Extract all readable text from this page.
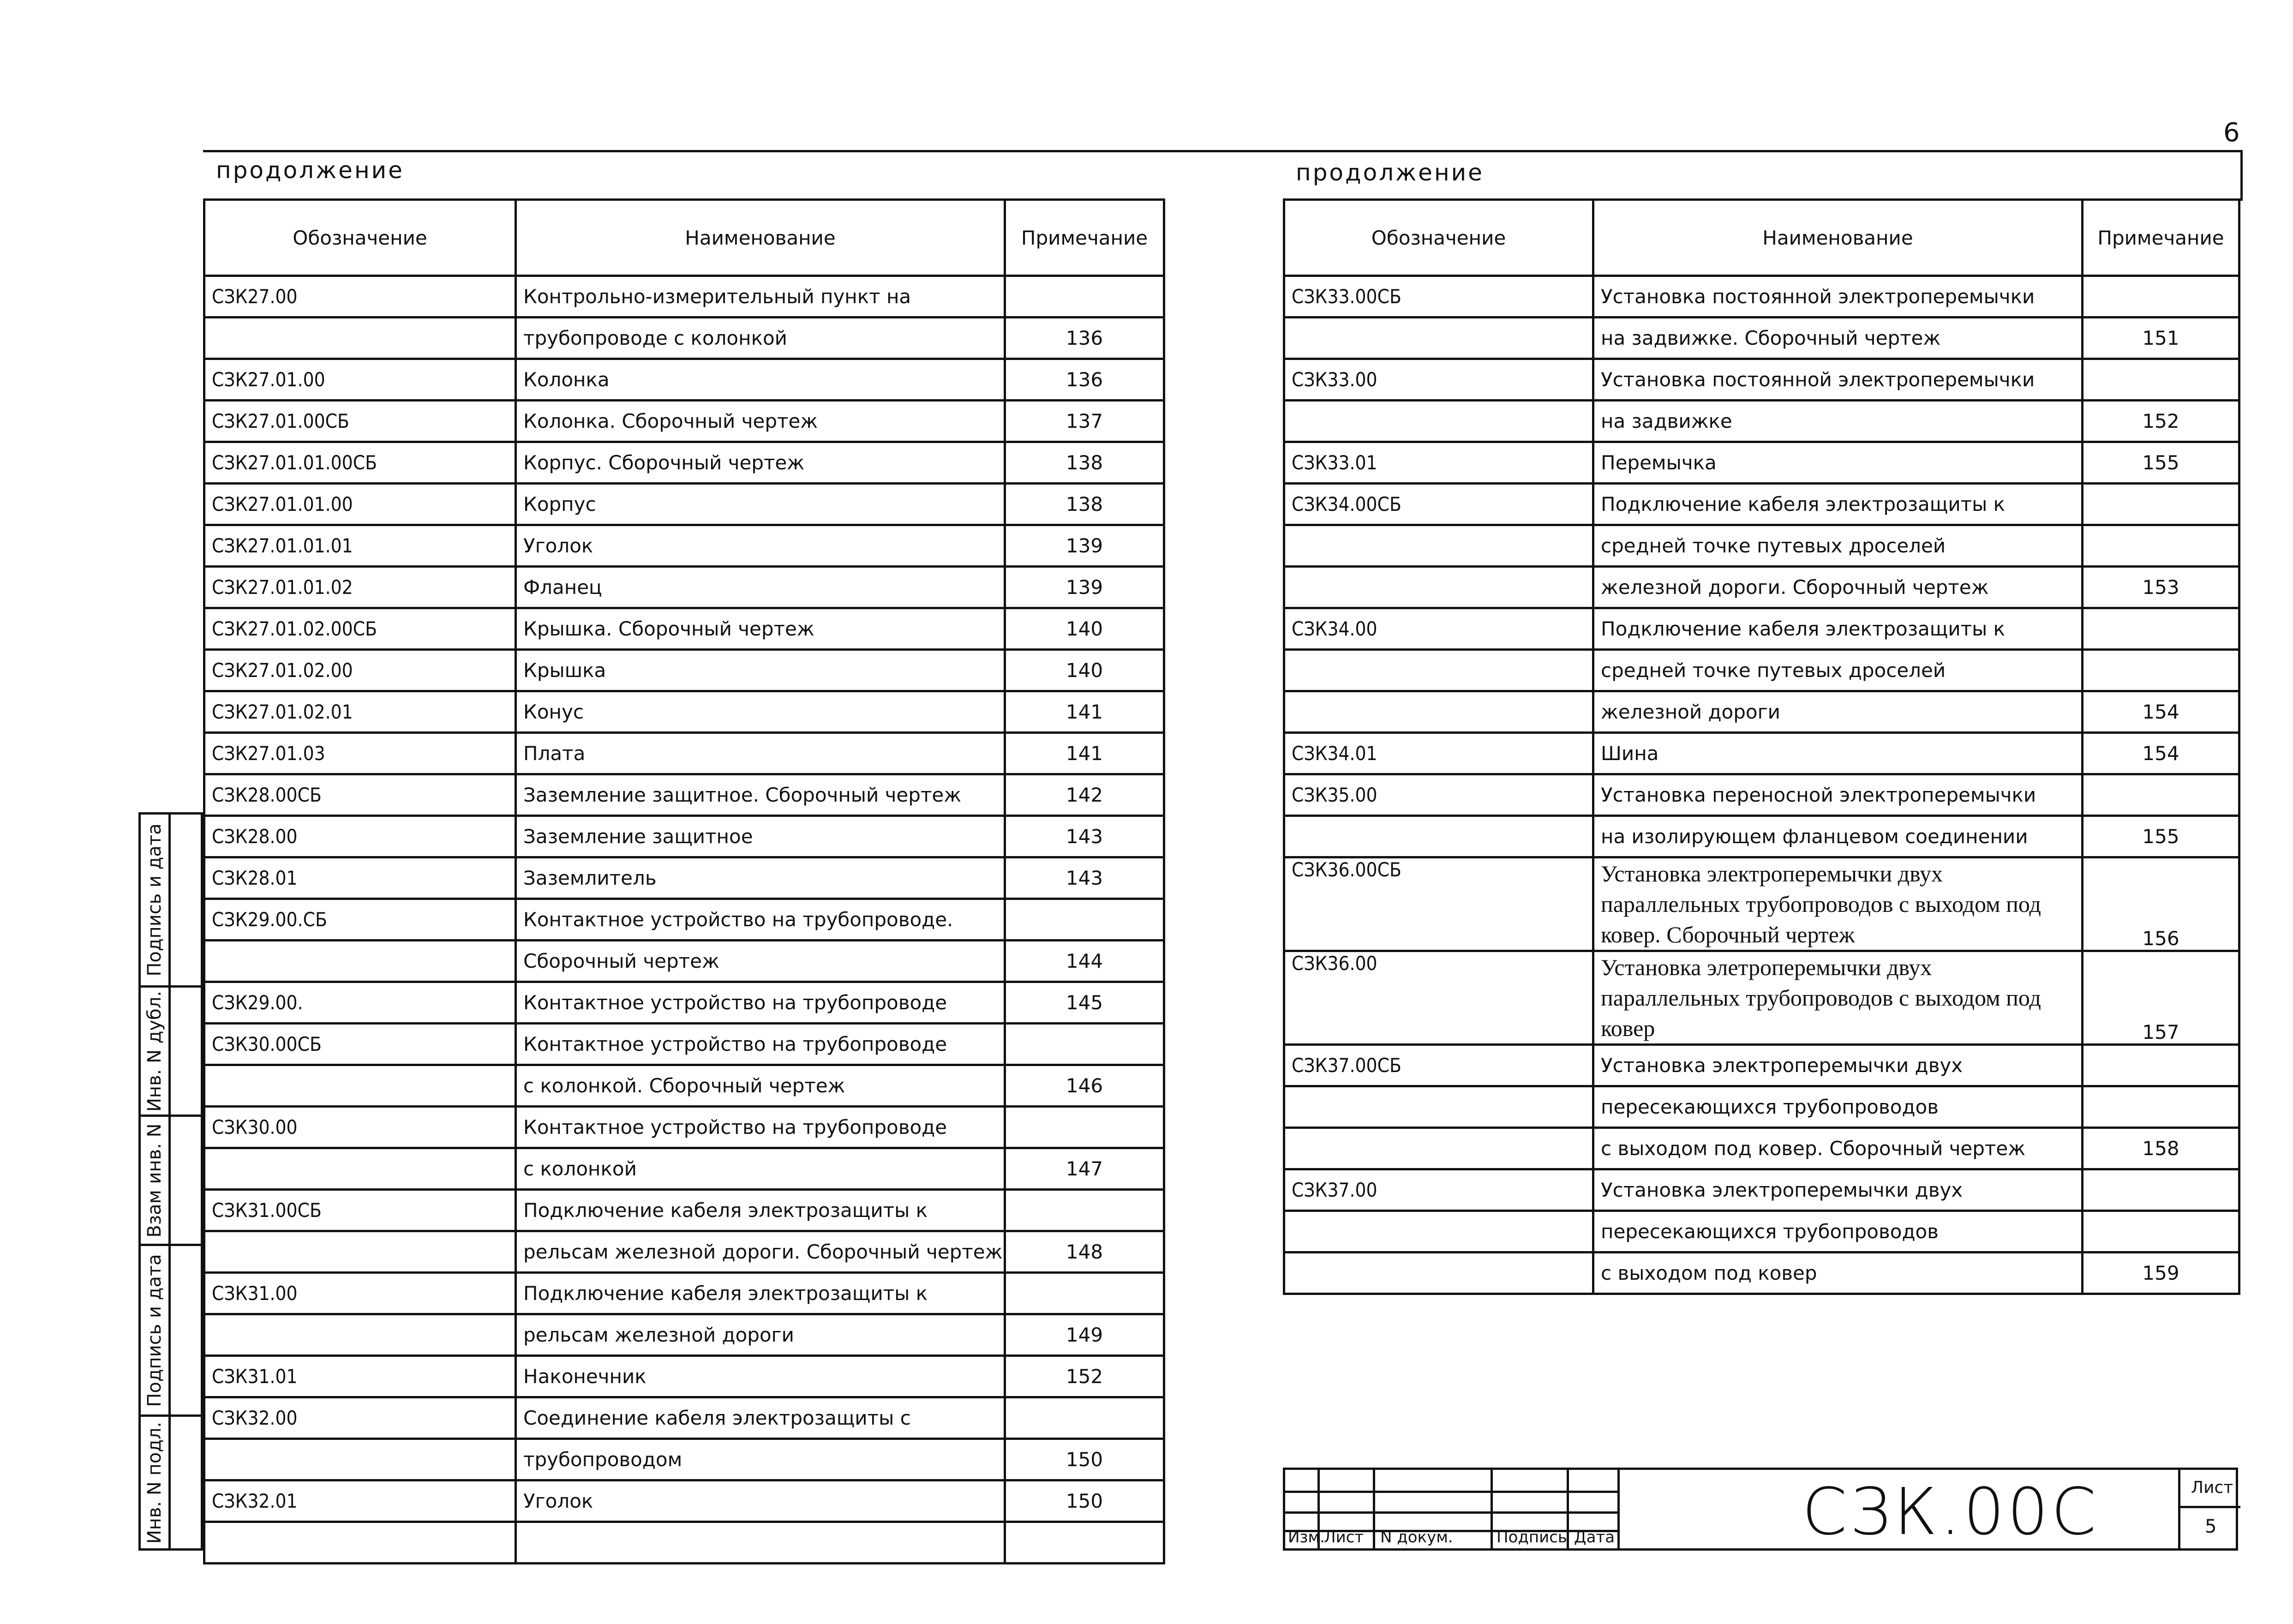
6
продолжение	продолжение
Обозначение	Наименование	Примечание
СЗК27.00	Контрольно-измерительный пункт на	
	трубопроводе с колонкой	136
СЗК27.01.00	Колонка	136
СЗК27.01.00СБ	Колонка. Сборочный чертеж	137
СЗК27.01.01.00СБ	Корпус. Сборочный чертеж	138
СЗК27.01.01.00	Корпус	138
СЗК27.01.01.01	Уголок	139
СЗК27.01.01.02	Фланец	139
СЗК27.01.02.00СБ	Крышка. Сборочный чертеж	140
СЗК27.01.02.00	Крышка	140
СЗК27.01.02.01	Конус	141
СЗК27.01.03	Плата	141
СЗК28.00СБ	Заземление защитное. Сборочный чертеж	142
СЗК28.00	Заземление защитное	143
СЗК28.01	Заземлитель	143
СЗК29.00.СБ	Контактное устройство на трубопроводе.	
	Сборочный чертеж	144
СЗК29.00.	Контактное устройство на трубопроводе	145
СЗК30.00СБ	Контактное устройство на трубопроводе	
	с колонкой. Сборочный чертеж	146
СЗК30.00	Контактное устройство на трубопроводе	
	с колонкой	147
СЗК31.00СБ	Подключение кабеля электрозащиты к	
	рельсам железной дороги. Сборочный чертеж	148
СЗК31.00	Подключение кабеля электрозащиты к	
	рельсам железной дороги	149
СЗК31.01	Наконечник	152
СЗК32.00	Соединение кабеля электрозащиты с	
	трубопроводом	150
СЗК32.01	Уголок	150

Обозначение	Наименование	Примечание
СЗК33.00СБ	Установка постоянной электроперемычки	
	на задвижке. Сборочный чертеж	151
СЗК33.00	Установка постоянной электроперемычки	
	на задвижке	152
СЗК33.01	Перемычка	155
СЗК34.00СБ	Подключение кабеля электрозащиты к	
	средней точке путевых дроселей	
	железной дороги. Сборочный чертеж	153
СЗК34.00	Подключение кабеля электрозащиты к	
	средней точке путевых дроселей	
	железной дороги	154
СЗК34.01	Шина	154
СЗК35.00	Установка переносной электроперемычки	
	на изолирующем фланцевом соединении	155
СЗК36.00СБ	Установка электроперемычки двух параллельных трубопроводов с выходом под ковер. Сборочный чертеж	156
СЗК36.00	Установка элетроперемычки двух параллельных трубопроводов с выходом под ковер	157
СЗК37.00СБ	Установка электроперемычки двух	
	пересекающихся трубопроводов	
	с выходом под ковер. Сборочный чертеж	158
СЗК37.00	Установка электроперемычки двух	
	пересекающихся трубопроводов	
	с выходом под ковер	159
Подпись и дата
Инв. N дубл.
Взам инв. N
Подпись и дата
Инв. N подл.	Изм.
Лист N докум.	Подпись Дата	СЗК.00С	Лист
5
